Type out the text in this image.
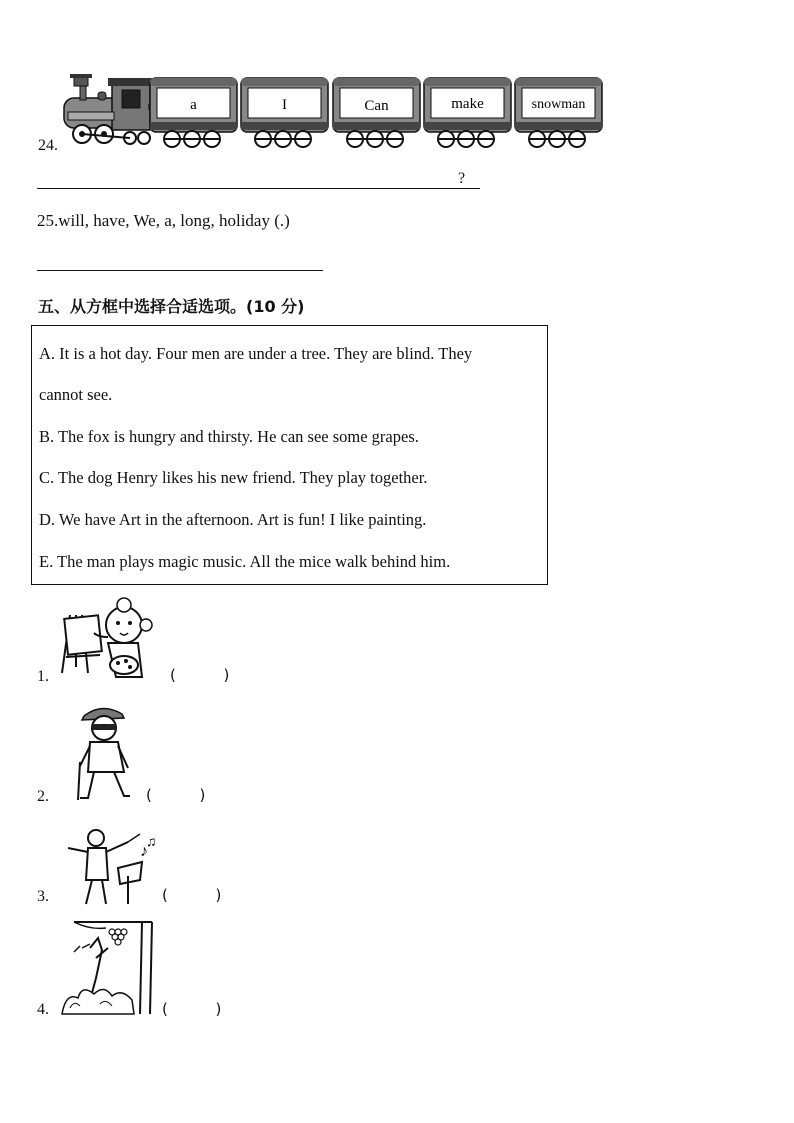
24.
a	I	Can	make	snowman
?
25.will, have, We, a, long, holiday (.)
五、从方框中选择合适选项。(10 分)
A. It is a hot day. Four men are under a tree. They are blind. They
cannot see.
B. The fox is hungry and thirsty. He can see some grapes.
C. The dog Henry likes his new friend. They play together.
D. We have Art in the afternoon. Art is fun! I like painting.
E. The man plays magic music. All the mice walk behind him.
1.	(          )
2.	(          )
3.
♪
♫
(          )
4.	(          )
